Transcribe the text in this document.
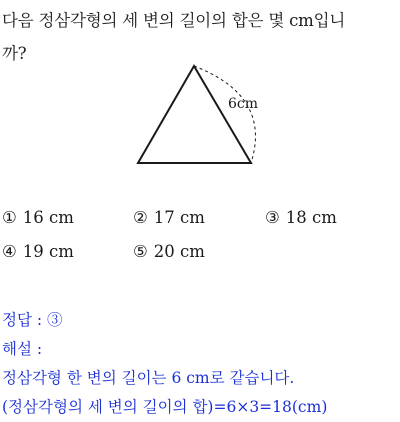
다음 정삼각형의 세 변의 길이의 합은 몇 cm입니
까?
6cm
① 16 cm	② 17 cm	③ 18 cm
④ 19 cm	⑤ 20 cm
정답 : ③
해설 :
정삼각형 한 변의 길이는 6 cm로 같습니다.
(정삼각형의 세 변의 길이의 합)=6×3=18(cm)
